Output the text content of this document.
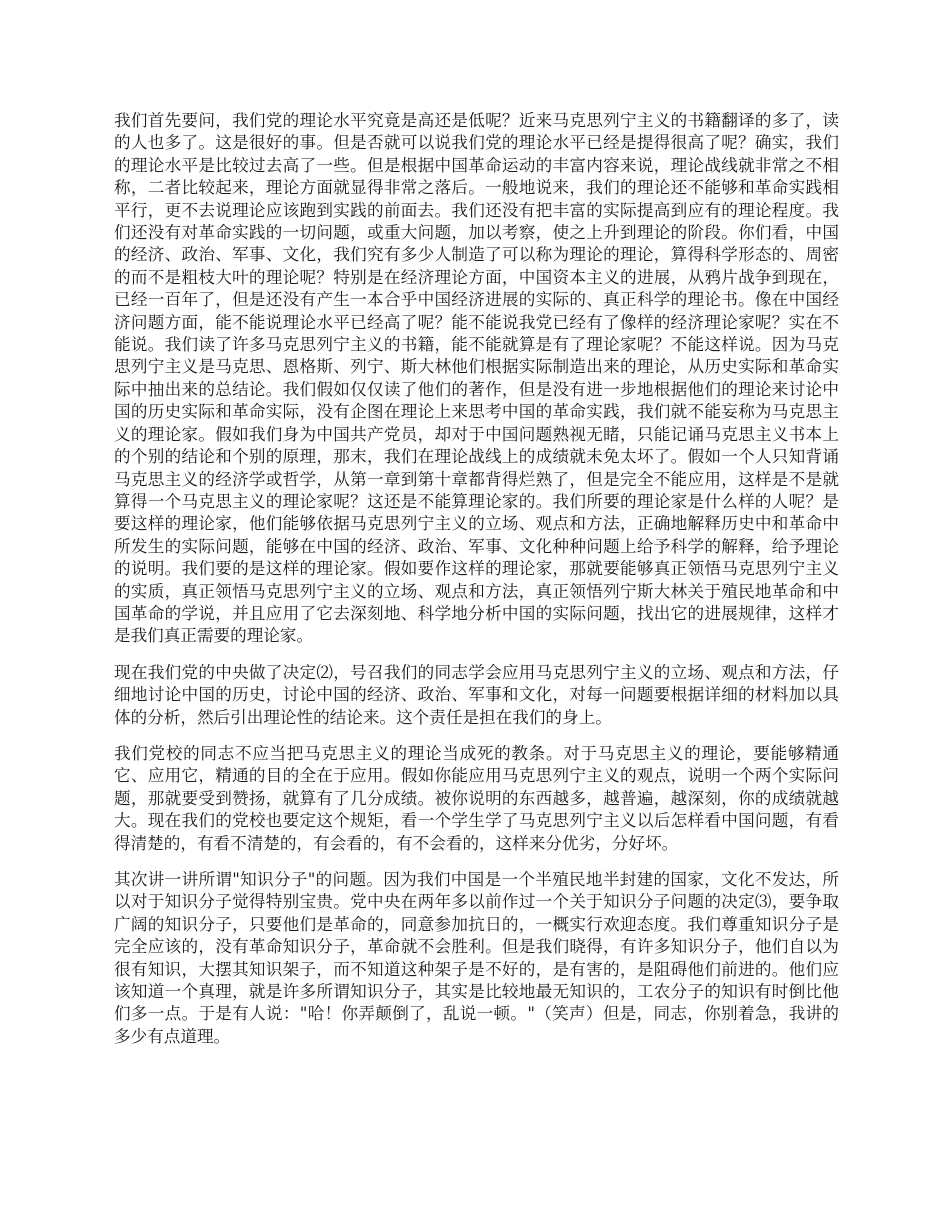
我们首先要问，我们党的理论水平究竟是高还是低呢？近来马克思列宁主义的书籍翻译的多了，读的人也多了。这是很好的事。但是否就可以说我们党的理论水平已经是提得很高了呢？确实，我们的理论水平是比较过去高了一些。但是根据中国革命运动的丰富内容来说，理论战线就非常之不相称，二者比较起来，理论方面就显得非常之落后。一般地说来，我们的理论还不能够和革命实践相平行，更不去说理论应该跑到实践的前面去。我们还没有把丰富的实际提高到应有的理论程度。我们还没有对革命实践的一切问题，或重大问题，加以考察，使之上升到理论的阶段。你们看，中国的经济、政治、军事、文化，我们究有多少人制造了可以称为理论的理论，算得科学形态的、周密的而不是粗枝大叶的理论呢？特别是在经济理论方面，中国资本主义的进展，从鸦片战争到现在，已经一百年了，但是还没有产生一本合乎中国经济进展的实际的、真正科学的理论书。像在中国经济问题方面，能不能说理论水平已经高了呢？能不能说我党已经有了像样的经济理论家呢？实在不能说。我们读了许多马克思列宁主义的书籍，能不能就算是有了理论家呢？不能这样说。因为马克思列宁主义是马克思、恩格斯、列宁、斯大林他们根据实际制造出来的理论，从历史实际和革命实际中抽出来的总结论。我们假如仅仅读了他们的著作，但是没有进一步地根据他们的理论来讨论中国的历史实际和革命实际，没有企图在理论上来思考中国的革命实践，我们就不能妄称为马克思主义的理论家。假如我们身为中国共产党员，却对于中国问题熟视无睹，只能记诵马克思主义书本上的个别的结论和个别的原理，那末，我们在理论战线上的成绩就未免太坏了。假如一个人只知背诵马克思主义的经济学或哲学，从第一章到第十章都背得烂熟了，但是完全不能应用，这样是不是就算得一个马克思主义的理论家呢？这还是不能算理论家的。我们所要的理论家是什么样的人呢？是要这样的理论家，他们能够依据马克思列宁主义的立场、观点和方法，正确地解释历史中和革命中所发生的实际问题，能够在中国的经济、政治、军事、文化种种问题上给予科学的解释，给予理论的说明。我们要的是这样的理论家。假如要作这样的理论家，那就要能够真正领悟马克思列宁主义的实质，真正领悟马克思列宁主义的立场、观点和方法，真正领悟列宁斯大林关于殖民地革命和中国革命的学说，并且应用了它去深刻地、科学地分析中国的实际问题，找出它的进展规律，这样才是我们真正需要的理论家。

现在我们党的中央做了决定⑵，号召我们的同志学会应用马克思列宁主义的立场、观点和方法，仔细地讨论中国的历史，讨论中国的经济、政治、军事和文化，对每一问题要根据详细的材料加以具体的分析，然后引出理论性的结论来。这个责任是担在我们的身上。

我们党校的同志不应当把马克思主义的理论当成死的教条。对于马克思主义的理论，要能够精通它、应用它，精通的目的全在于应用。假如你能应用马克思列宁主义的观点，说明一个两个实际问题，那就要受到赞扬，就算有了几分成绩。被你说明的东西越多，越普遍，越深刻，你的成绩就越大。现在我们的党校也要定这个规矩，看一个学生学了马克思列宁主义以后怎样看中国问题，有看得清楚的，有看不清楚的，有会看的，有不会看的，这样来分优劣，分好坏。

其次讲一讲所谓"知识分子"的问题。因为我们中国是一个半殖民地半封建的国家，文化不发达，所以对于知识分子觉得特别宝贵。党中央在两年多以前作过一个关于知识分子问题的决定⑶，要争取广阔的知识分子，只要他们是革命的，同意参加抗日的，一概实行欢迎态度。我们尊重知识分子是完全应该的，没有革命知识分子，革命就不会胜利。但是我们晓得，有许多知识分子，他们自以为很有知识，大摆其知识架子，而不知道这种架子是不好的，是有害的，是阻碍他们前进的。他们应该知道一个真理，就是许多所谓知识分子，其实是比较地最无知识的，工农分子的知识有时倒比他们多一点。于是有人说："哈！你弄颠倒了，乱说一顿。"（笑声）但是，同志，你别着急，我讲的多少有点道理。
